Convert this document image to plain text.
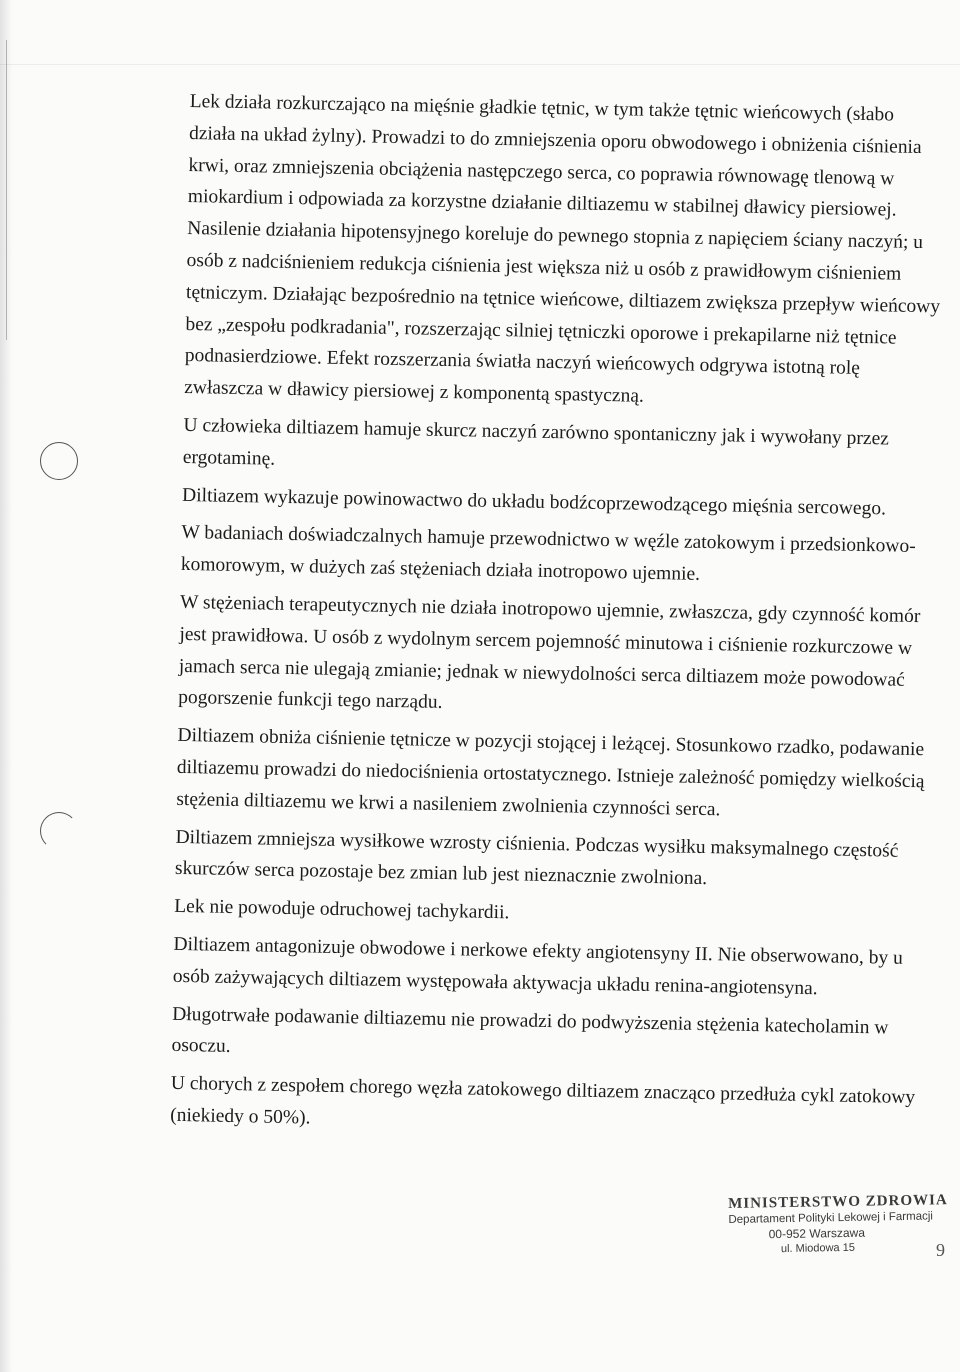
Lek działa rozkurczająco na mięśnie gładkie tętnic, w tym także tętnic wieńcowych (słabo działa na układ żylny). Prowadzi to do zmniejszenia oporu obwodowego i obniżenia ciśnienia krwi, oraz zmniejszenia obciążenia następczego serca, co poprawia równowagę tlenową w miokardium i odpowiada za korzystne działanie diltiazemu w stabilnej dławicy piersiowej. Nasilenie działania hipotensyjnego koreluje do pewnego stopnia z napięciem ściany naczyń; u osób z nadciśnieniem redukcja ciśnienia jest większa niż u osób z prawidłowym ciśnieniem tętniczym. Działając bezpośrednio na tętnice wieńcowe, diltiazem zwiększa przepływ wieńcowy bez „zespołu podkradania", rozszerzając silniej tętniczki oporowe i prekapilarne niż tętnice podnasierdziowe. Efekt rozszerzania światła naczyń wieńcowych odgrywa istotną rolę zwłaszcza w dławicy piersiowej z komponentą spastyczną.

U człowieka diltiazem hamuje skurcz naczyń zarówno spontaniczny jak i wywołany przez ergotaminę.

Diltiazem wykazuje powinowactwo do układu bodźcoprzewodzącego mięśnia sercowego.

W badaniach doświadczalnych hamuje przewodnictwo w węźle zatokowym i przedsionkowo-komorowym, w dużych zaś stężeniach działa inotropowo ujemnie.

W stężeniach terapeutycznych nie działa inotropowo ujemnie, zwłaszcza, gdy czynność komór jest prawidłowa. U osób z wydolnym sercem pojemność minutowa i ciśnienie rozkurczowe w jamach serca nie ulegają zmianie; jednak w niewydolności serca diltiazem może powodować pogorszenie funkcji tego narządu.

Diltiazem obniża ciśnienie tętnicze w pozycji stojącej i leżącej. Stosunkowo rzadko, podawanie diltiazemu prowadzi do niedociśnienia ortostatycznego. Istnieje zależność pomiędzy wielkością stężenia diltiazemu we krwi a nasileniem zwolnienia czynności serca.

Diltiazem zmniejsza wysiłkowe wzrosty ciśnienia. Podczas wysiłku maksymalnego częstość skurczów serca pozostaje bez zmian lub jest nieznacznie zwolniona.

Lek nie powoduje odruchowej tachykardii.

Diltiazem antagonizuje obwodowe i nerkowe efekty angiotensyny II. Nie obserwowano, by u osób zażywających diltiazem występowała aktywacja układu renina-angiotensyna.

Długotrwałe podawanie diltiazemu nie prowadzi do podwyższenia stężenia katecholamin w osoczu.

U chorych z zespołem chorego węzła zatokowego diltiazem znacząco przedłuża cykl zatokowy (niekiedy o 50%).

MINISTERSTWO ZDROWIA
Departament Polityki Lekowej i Farmacji
00-952 Warszawa
ul. Miodowa 15	9
